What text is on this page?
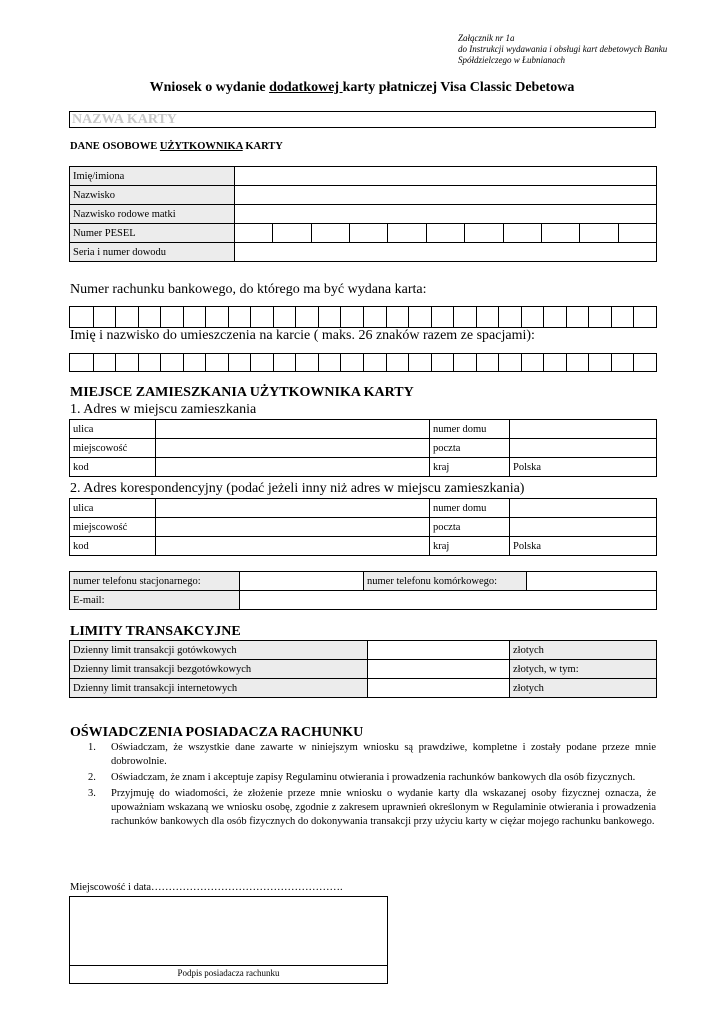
Załącznik nr 1a
do Instrukcji wydawania i obsługi kart debetowych Banku
Spółdzielczego w Łubnianach
Wniosek o wydanie dodatkowej karty płatniczej Visa Classic Debetowa
NAZWA KARTY
DANE OSOBOWE UŻYTKOWNIKA KARTY
Imię/imiona											
Nazwisko											
Nazwisko rodowe matki											
Numer PESEL											
Seria i numer dowodu											
Numer rachunku bankowego, do którego ma być wydana karta:
Imię i nazwisko do umieszczenia na karcie ( maks. 26 znaków razem ze spacjami):
MIEJSCE ZAMIESZKANIA UŻYTKOWNIKA KARTY
1. Adres w miejscu zamieszkania
ulica		numer domu	
miejscowość		poczta	
kod		kraj	Polska
2. Adres korespondencyjny (podać jeżeli inny niż adres w miejscu zamieszkania)
ulica		numer domu	
miejscowość		poczta	
kod		kraj	Polska
numer telefonu stacjonarnego:		numer telefonu komórkowego:	
E-mail:			
LIMITY TRANSAKCYJNE
Dzienny limit transakcji gotówkowych		złotych
Dzienny limit transakcji bezgotówkowych		złotych, w tym:
Dzienny limit transakcji internetowych		złotych
OŚWIADCZENIA POSIADACZA RACHUNKU
1. Oświadczam, że wszystkie dane zawarte w niniejszym wniosku są prawdziwe, kompletne i zostały podane przeze mnie dobrowolnie.
2. Oświadczam, że znam i akceptuje zapisy Regulaminu otwierania i prowadzenia rachunków bankowych dla osób fizycznych.
3. Przyjmuję do wiadomości, że złożenie przeze mnie wniosku o wydanie karty dla wskazanej osoby fizycznej oznacza, że upoważniam wskazaną we wniosku osobę, zgodnie z zakresem uprawnień określonym w Regulaminie otwierania i prowadzenia rachunków bankowych dla osób fizycznych do dokonywania transakcji przy użyciu karty w ciężar mojego rachunku bankowego.
Miejscowość i data……………………………………………….
Podpis posiadacza rachunku
